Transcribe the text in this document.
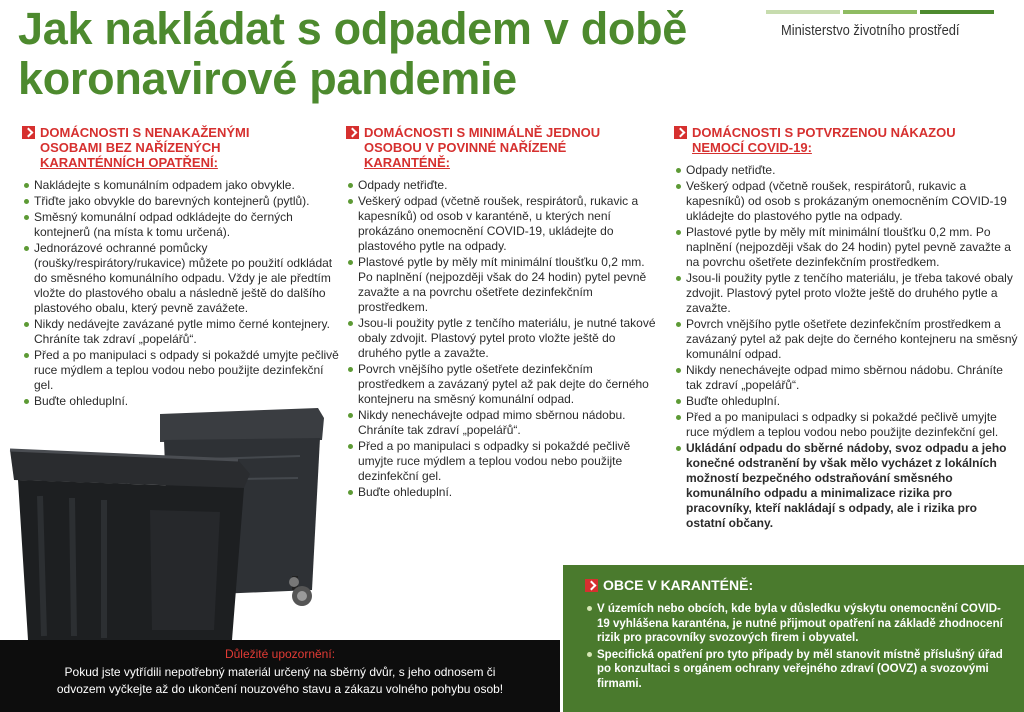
Jak nakládat s odpadem v době
koronavirové pandemie
Ministerstvo životního prostředí
DOMÁCNOSTI S NENAKAŽENÝMI
OSOBAMI BEZ NAŘÍZENÝCH
KARANTÉNNÍCH OPATŘENÍ:
Nakládejte s komunálním odpadem jako obvykle.
Třiďte jako obvykle do barevných kontejnerů (pytlů).
Směsný komunální odpad odkládejte do černých kontejnerů (na místa k tomu určená).
Jednorázové ochranné pomůcky (roušky/respirátory/rukavice) můžete po použití odkládat do směsného komunálního odpadu. Vždy je ale předtím vložte do plastového obalu a následně ještě do dalšího plastového obalu, který pevně zavážete.
Nikdy nedávejte zavázané pytle mimo černé kontejnery. Chráníte tak zdraví „popelářů“.
Před a po manipulaci s odpady si pokaždé umyjte pečlivě ruce mýdlem a teplou vodou nebo použijte dezinfekční gel.
Buďte ohleduplní.
DOMÁCNOSTI S MINIMÁLNĚ JEDNOU
OSOBOU V POVINNÉ NAŘÍZENÉ
KARANTÉNĚ:
Odpady netřiďte.
Veškerý odpad (včetně roušek, respirátorů, rukavic a kapesníků) od osob v karanténě, u kterých není prokázáno onemocnění COVID-19, ukládejte do plastového pytle na odpady.
Plastové pytle by měly mít minimální tloušťku 0,2 mm. Po naplnění (nejpozději však do 24 hodin) pytel pevně zavažte a na povrchu ošetřete dezinfekčním prostředkem.
Jsou-li použity pytle z tenčího materiálu, je nutné takové obaly zdvojit. Plastový pytel proto vložte ještě do druhého pytle a zavažte.
Povrch vnějšího pytle ošetřete dezinfekčním prostředkem a zavázaný pytel až pak dejte do černého kontejneru na směsný komunální odpad.
Nikdy nenechávejte odpad mimo sběrnou nádobu. Chráníte tak zdraví „popelářů“.
Před a po manipulaci s odpadky si pokaždé pečlivě umyjte ruce mýdlem a teplou vodou nebo použijte dezinfekční gel.
Buďte ohleduplní.
DOMÁCNOSTI S POTVRZENOU NÁKAZOU
NEMOCÍ COVID-19:
Odpady netřiďte.
Veškerý odpad (včetně roušek, respirátorů, rukavic a kapesníků) od osob s prokázaným onemocněním COVID-19 ukládejte do plastového pytle na odpady.
Plastové pytle by měly mít minimální tloušťku 0,2 mm. Po naplnění (nejpozději však do 24 hodin) pytel pevně zavažte a na povrchu ošetřete dezinfekčním prostředkem.
Jsou-li použity pytle z tenčího materiálu, je třeba takové obaly zdvojit. Plastový pytel proto vložte ještě do druhého pytle a zavažte.
Povrch vnějšího pytle ošetřete dezinfekčním prostředkem a zavázaný pytel až pak dejte do černého kontejneru na směsný komunální odpad.
Nikdy nenechávejte odpad mimo sběrnou nádobu. Chráníte tak zdraví „popelářů“.
Buďte ohleduplní.
Před a po manipulaci s odpadky si pokaždé pečlivě umyjte ruce mýdlem a teplou vodou nebo použijte dezinfekční gel.
Ukládání odpadu do sběrné nádoby, svoz odpadu a jeho konečné odstranění by však mělo vycházet z lokálních možností bezpečného odstraňování směsného komunálního odpadu a minimalizace rizika pro pracovníky, kteří nakládají s odpady, ale i rizika pro ostatní občany.
Důležité upozornění:
Pokud jste vytřídili nepotřebný materiál určený na sběrný dvůr, s jeho odnosem či
odvozem vyčkejte až do ukončení nouzového stavu a zákazu volného pohybu osob!
OBCE V KARANTÉNĚ:
V územích nebo obcích, kde byla v důsledku výskytu onemocnění COVID-19 vyhlášena karanténa, je nutné přijmout opatření na základě zhodnocení rizik pro pracovníky svozových firem i obyvatel.
Specifická opatření pro tyto případy by měl stanovit místně příslušný úřad po konzultaci s orgánem ochrany veřejného zdraví (OOVZ) a svozovými firmami.
